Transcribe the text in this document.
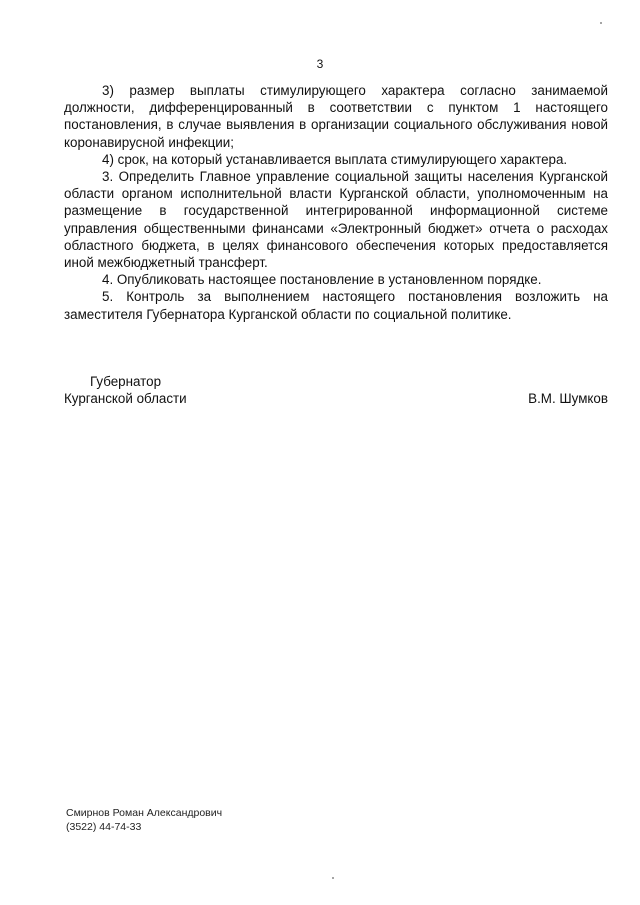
3

3) размер выплаты стимулирующего характера согласно занимаемой должности, дифференцированный в соответствии с пунктом 1 настоящего постановления, в случае выявления в организации социального обслуживания новой коронавирусной инфекции;

4) срок, на который устанавливается выплата стимулирующего характера.

3. Определить Главное управление социальной защиты населения Курганской области органом исполнительной власти Курганской области, уполномоченным на размещение в государственной интегрированной информационной системе управления общественными финансами «Электронный бюджет» отчета о расходах областного бюджета, в целях финансового обеспечения которых предоставляется иной межбюджетный трансферт.

4. Опубликовать настоящее постановление в установленном порядке.

5. Контроль за выполнением настоящего постановления возложить на заместителя Губернатора Курганской области по социальной политике.

Губернатор
Курганской области	В.М. Шумков
Смирнов Роман Александрович
(3522) 44-74-33
